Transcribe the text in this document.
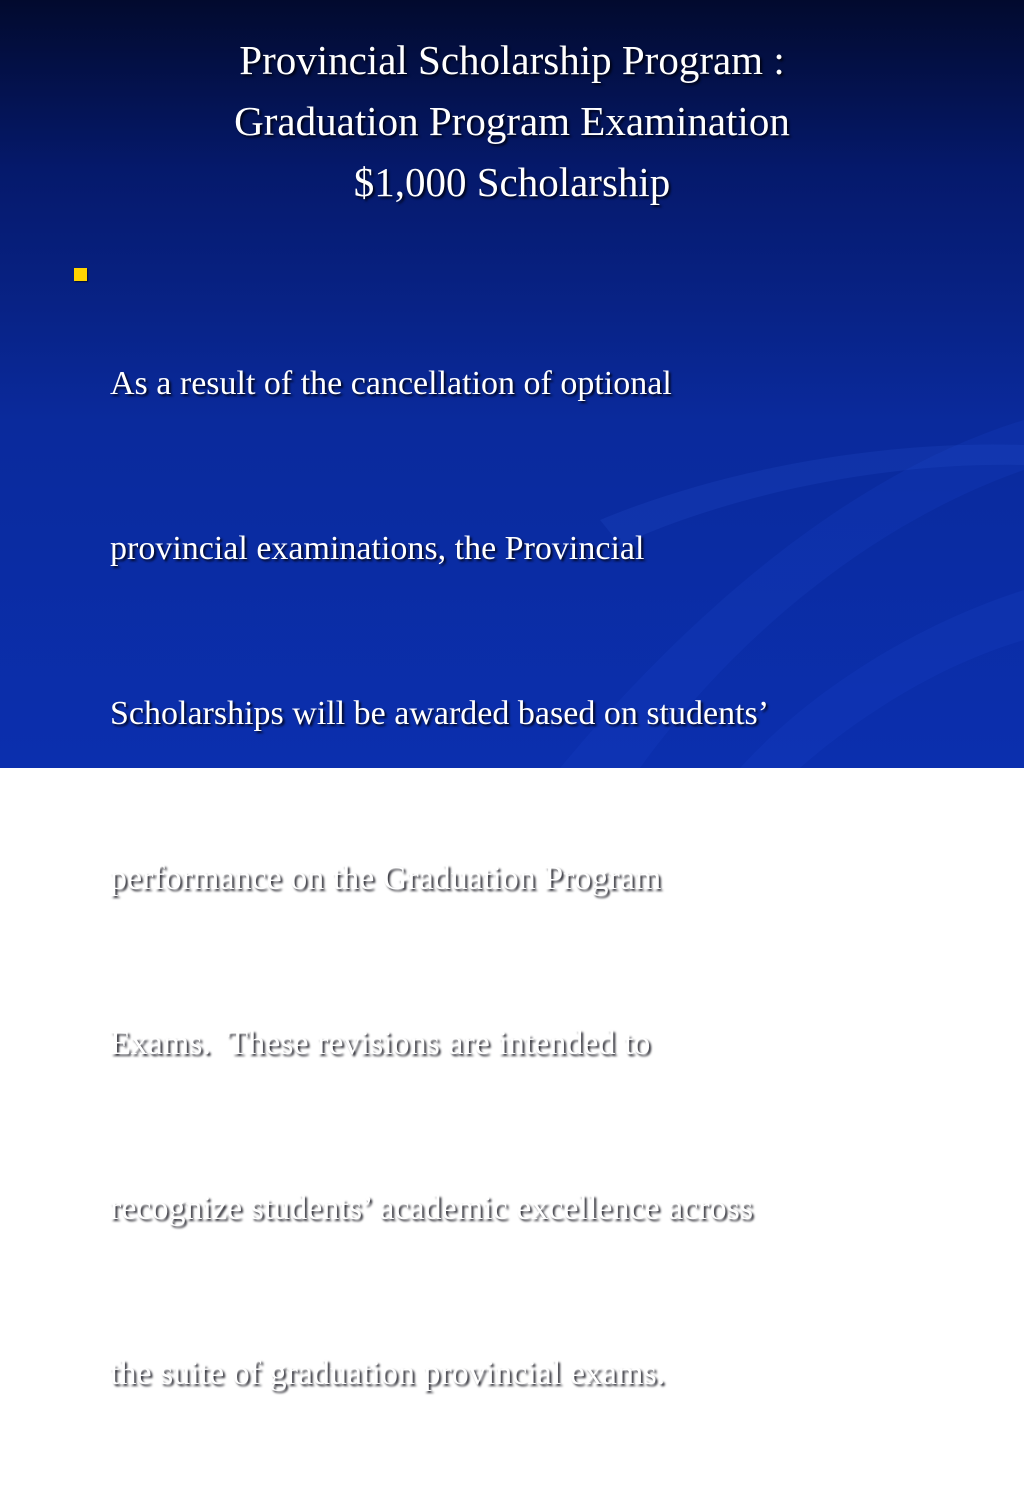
Provincial Scholarship Program :
Graduation Program Examination
$1,000 Scholarship

As a result of the cancellation of optional

provincial examinations, the Provincial

Scholarships will be awarded based on students’

performance on the Graduation Program

Exams.  These revisions are intended to

recognize students’ academic excellence across

the suite of graduation provincial exams.
